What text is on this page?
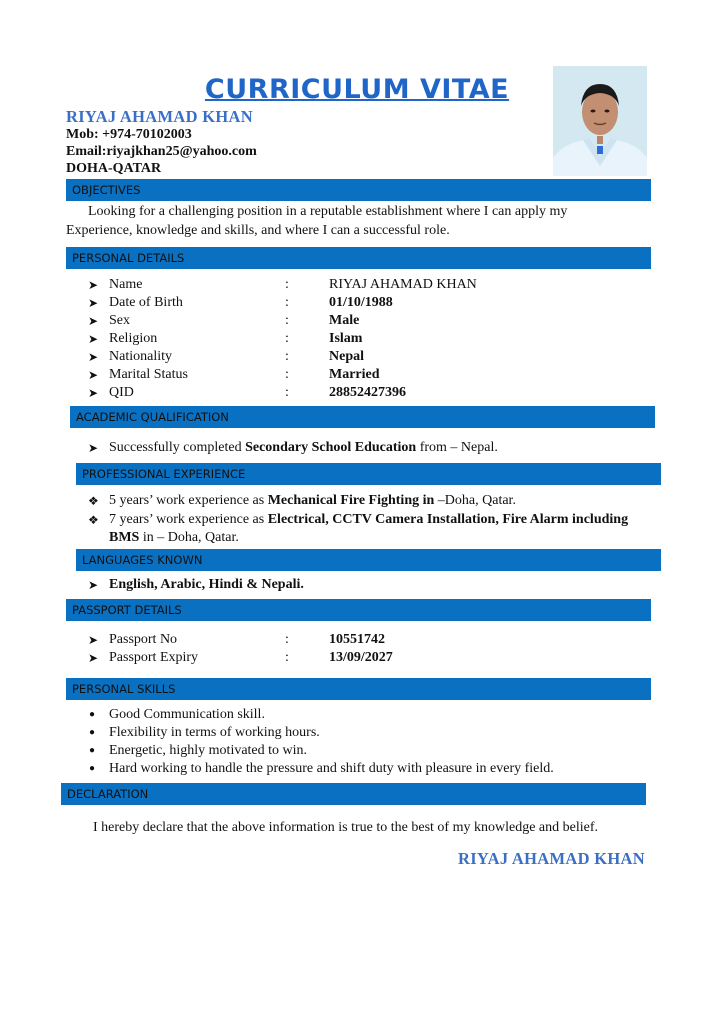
CURRICULUM VITAE
RIYAJ AHAMAD KHAN
Mob: +974-70102003
Email:riyajkhan25@yahoo.com
DOHA-QATAR
OBJECTIVES
Looking for a challenging position in a reputable establishment where I can apply my
Experience, knowledge and skills, and where I can a successful role.
PERSONAL DETAILS
➤ Name	:	RIYAJ AHAMAD KHAN
➤ Date of Birth	:	01/10/1988
➤ Sex	:	Male
➤ Religion	:	Islam
➤ Nationality	:	Nepal
➤ Marital Status	:	Married
➤ QID	:	28852427396
ACADEMIC QUALIFICATION
➤ Successfully completed Secondary School Education from – Nepal.
PROFESSIONAL EXPERIENCE
❖ 5 years’ work experience as Mechanical Fire Fighting in –Doha, Qatar.
❖ 7 years’ work experience as Electrical, CCTV Camera Installation, Fire Alarm including
BMS in – Doha, Qatar.
LANGUAGES KNOWN
➤ English, Arabic, Hindi & Nepali.
PASSPORT DETAILS
➤ Passport No	:	10551742
➤ Passport Expiry	:	13/09/2027
PERSONAL SKILLS
● Good Communication skill.
● Flexibility in terms of working hours.
● Energetic, highly motivated to win.
● Hard working to handle the pressure and shift duty with pleasure in every field.
DECLARATION
I hereby declare that the above information is true to the best of my knowledge and belief.
RIYAJ AHAMAD KHAN
